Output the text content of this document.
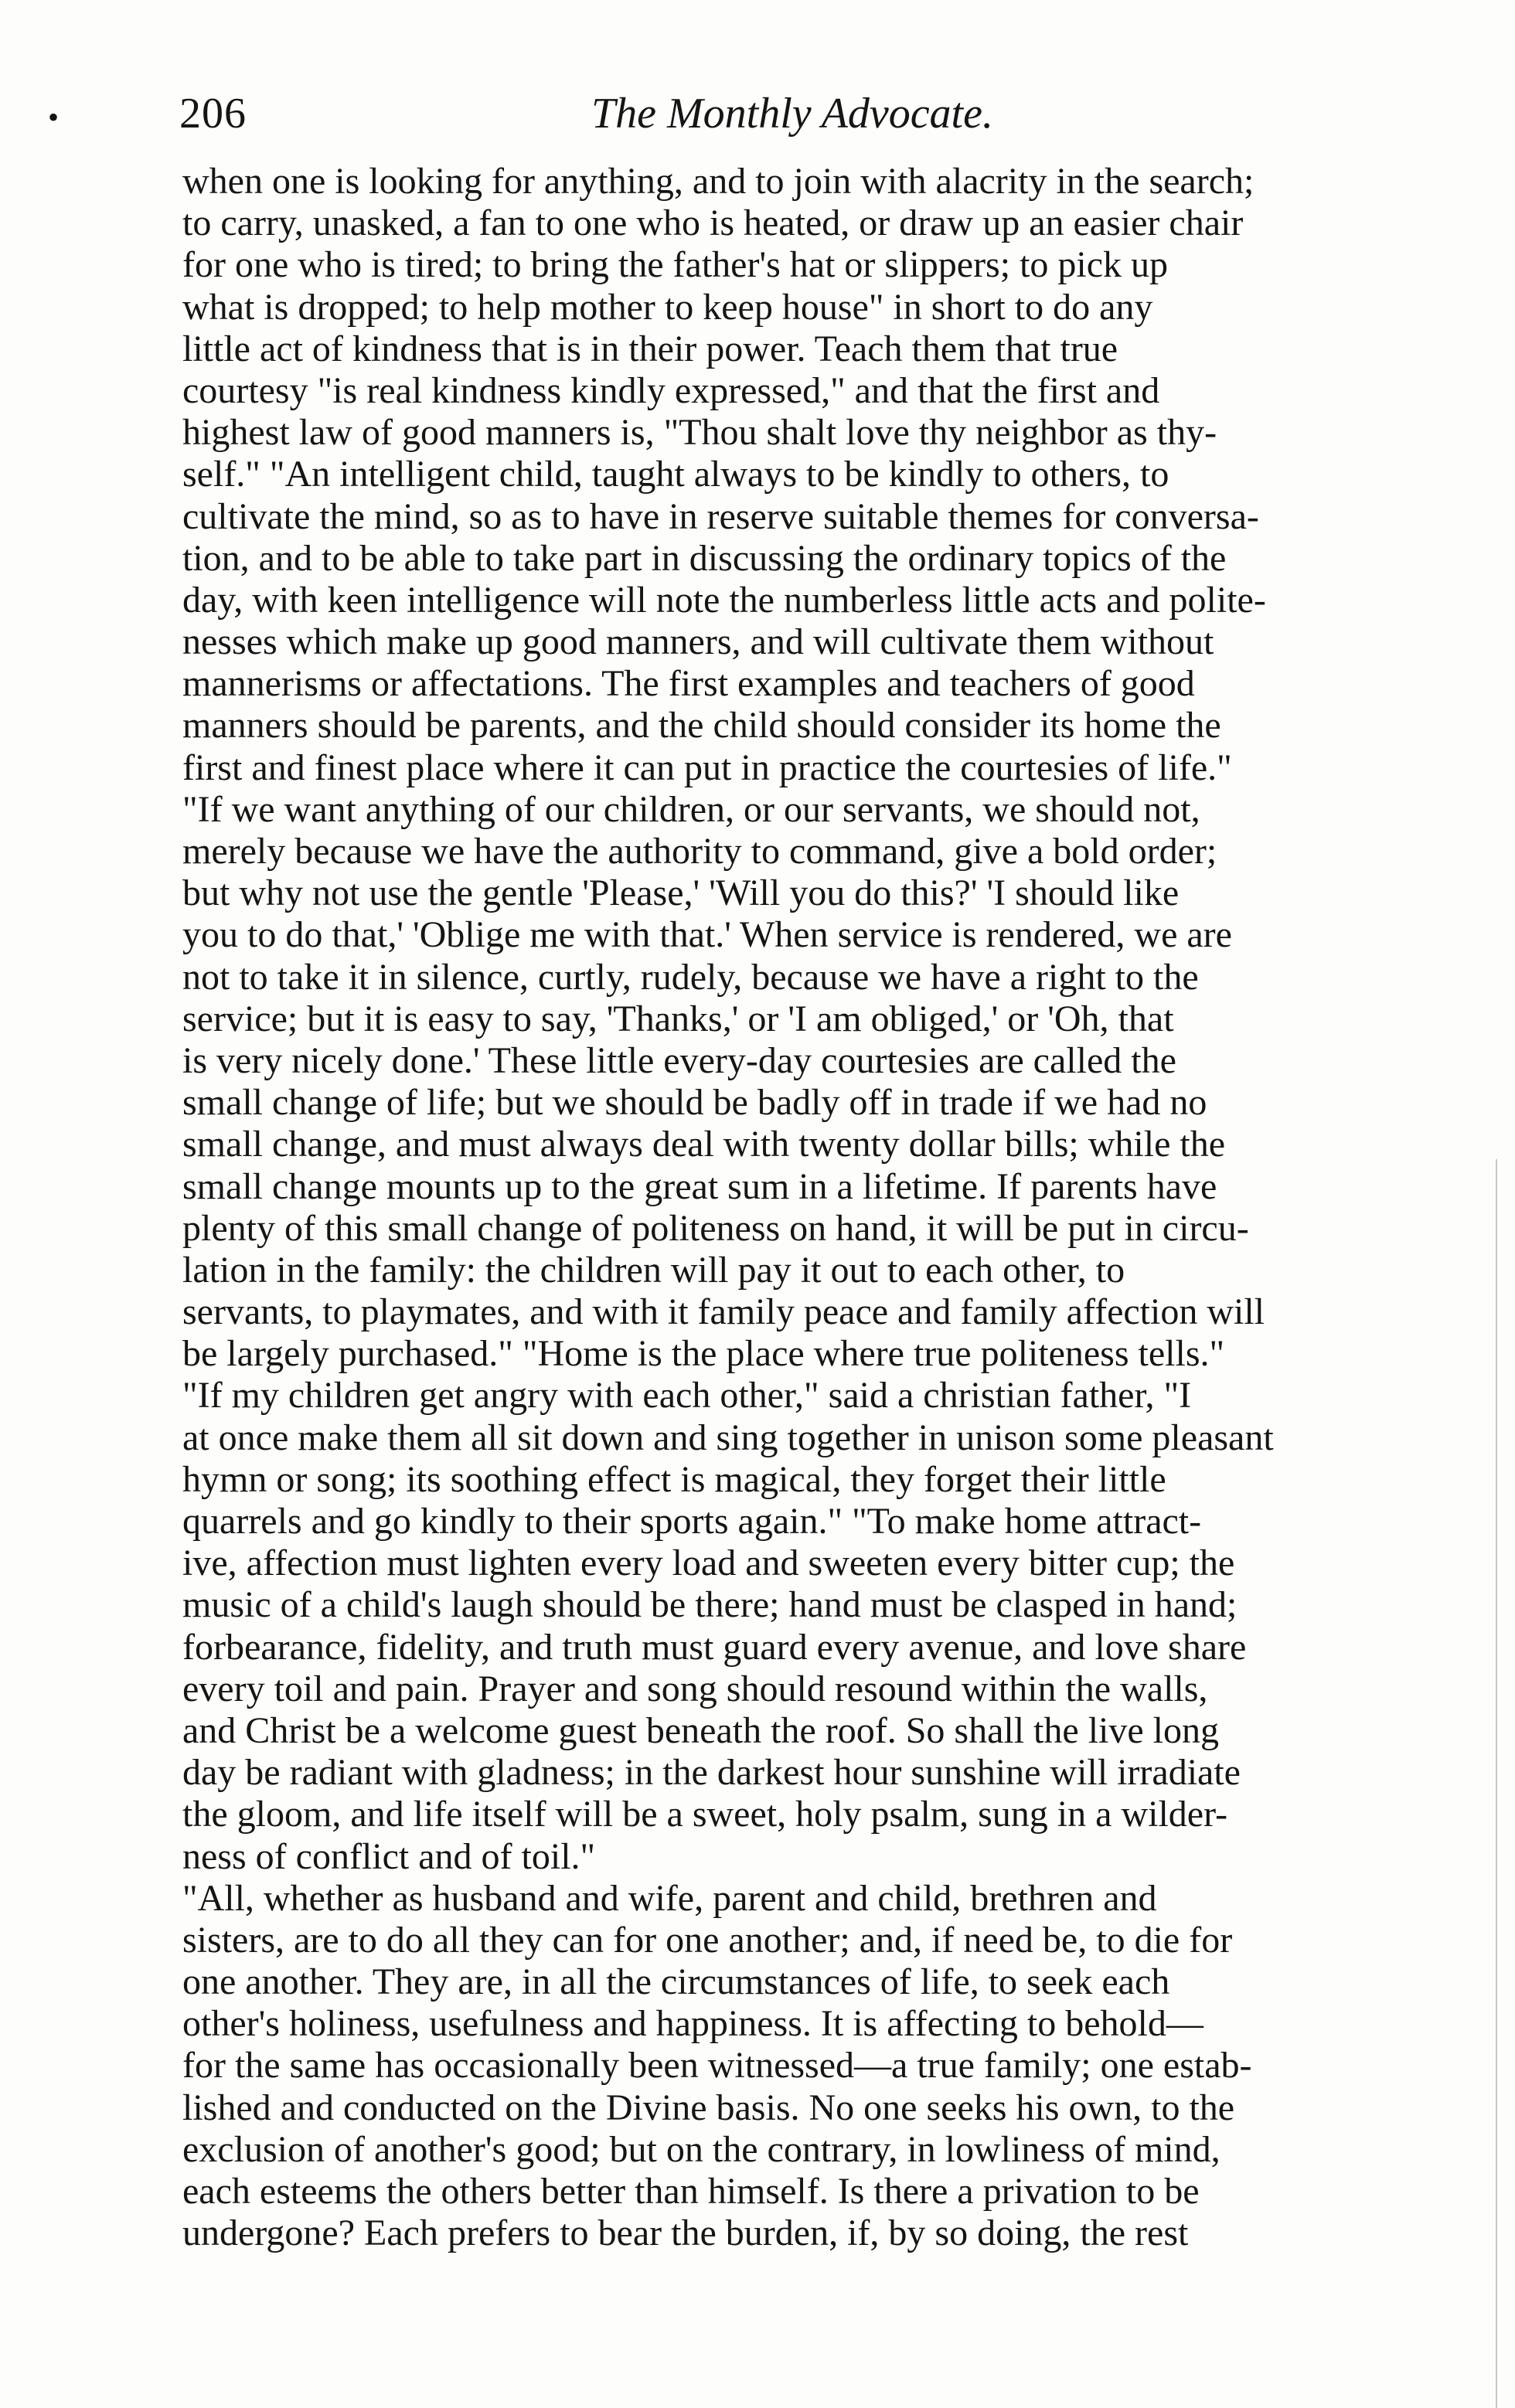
•	206	The Monthly Advocate.
when one is looking for anything, and to join with alacrity in the search;
to carry, unasked, a fan to one who is heated, or draw up an easier chair
for one who is tired; to bring the father's hat or slippers; to pick up
what is dropped; to help mother to keep house" in short to do any
little act of kindness that is in their power. Teach them that true
courtesy "is real kindness kindly expressed," and that the first and
highest law of good manners is, "Thou shalt love thy neighbor as thy-
self." "An intelligent child, taught always to be kindly to others, to
cultivate the mind, so as to have in reserve suitable themes for conversa-
tion, and to be able to take part in discussing the ordinary topics of the
day, with keen intelligence will note the numberless little acts and polite-
nesses which make up good manners, and will cultivate them without
mannerisms or affectations. The first examples and teachers of good
manners should be parents, and the child should consider its home the
first and finest place where it can put in practice the courtesies of life."
"If we want anything of our children, or our servants, we should not,
merely because we have the authority to command, give a bold order;
but why not use the gentle 'Please,' 'Will you do this?' 'I should like
you to do that,' 'Oblige me with that.' When service is rendered, we are
not to take it in silence, curtly, rudely, because we have a right to the
service; but it is easy to say, 'Thanks,' or 'I am obliged,' or 'Oh, that
is very nicely done.' These little every-day courtesies are called the
small change of life; but we should be badly off in trade if we had no
small change, and must always deal with twenty dollar bills; while the
small change mounts up to the great sum in a lifetime. If parents have
plenty of this small change of politeness on hand, it will be put in circu-
lation in the family: the children will pay it out to each other, to
servants, to playmates, and with it family peace and family affection will
be largely purchased." "Home is the place where true politeness tells."
"If my children get angry with each other," said a christian father, "I
at once make them all sit down and sing together in unison some pleasant
hymn or song; its soothing effect is magical, they forget their little
quarrels and go kindly to their sports again." "To make home attract-
ive, affection must lighten every load and sweeten every bitter cup; the
music of a child's laugh should be there; hand must be clasped in hand;
forbearance, fidelity, and truth must guard every avenue, and love share
every toil and pain. Prayer and song should resound within the walls,
and Christ be a welcome guest beneath the roof. So shall the live long
day be radiant with gladness; in the darkest hour sunshine will irradiate
the gloom, and life itself will be a sweet, holy psalm, sung in a wilder-
ness of conflict and of toil."
"All, whether as husband and wife, parent and child, brethren and
sisters, are to do all they can for one another; and, if need be, to die for
one another. They are, in all the circumstances of life, to seek each
other's holiness, usefulness and happiness. It is affecting to behold—
for the same has occasionally been witnessed—a true family; one estab-
lished and conducted on the Divine basis. No one seeks his own, to the
exclusion of another's good; but on the contrary, in lowliness of mind,
each esteems the others better than himself. Is there a privation to be
undergone? Each prefers to bear the burden, if, by so doing, the rest
